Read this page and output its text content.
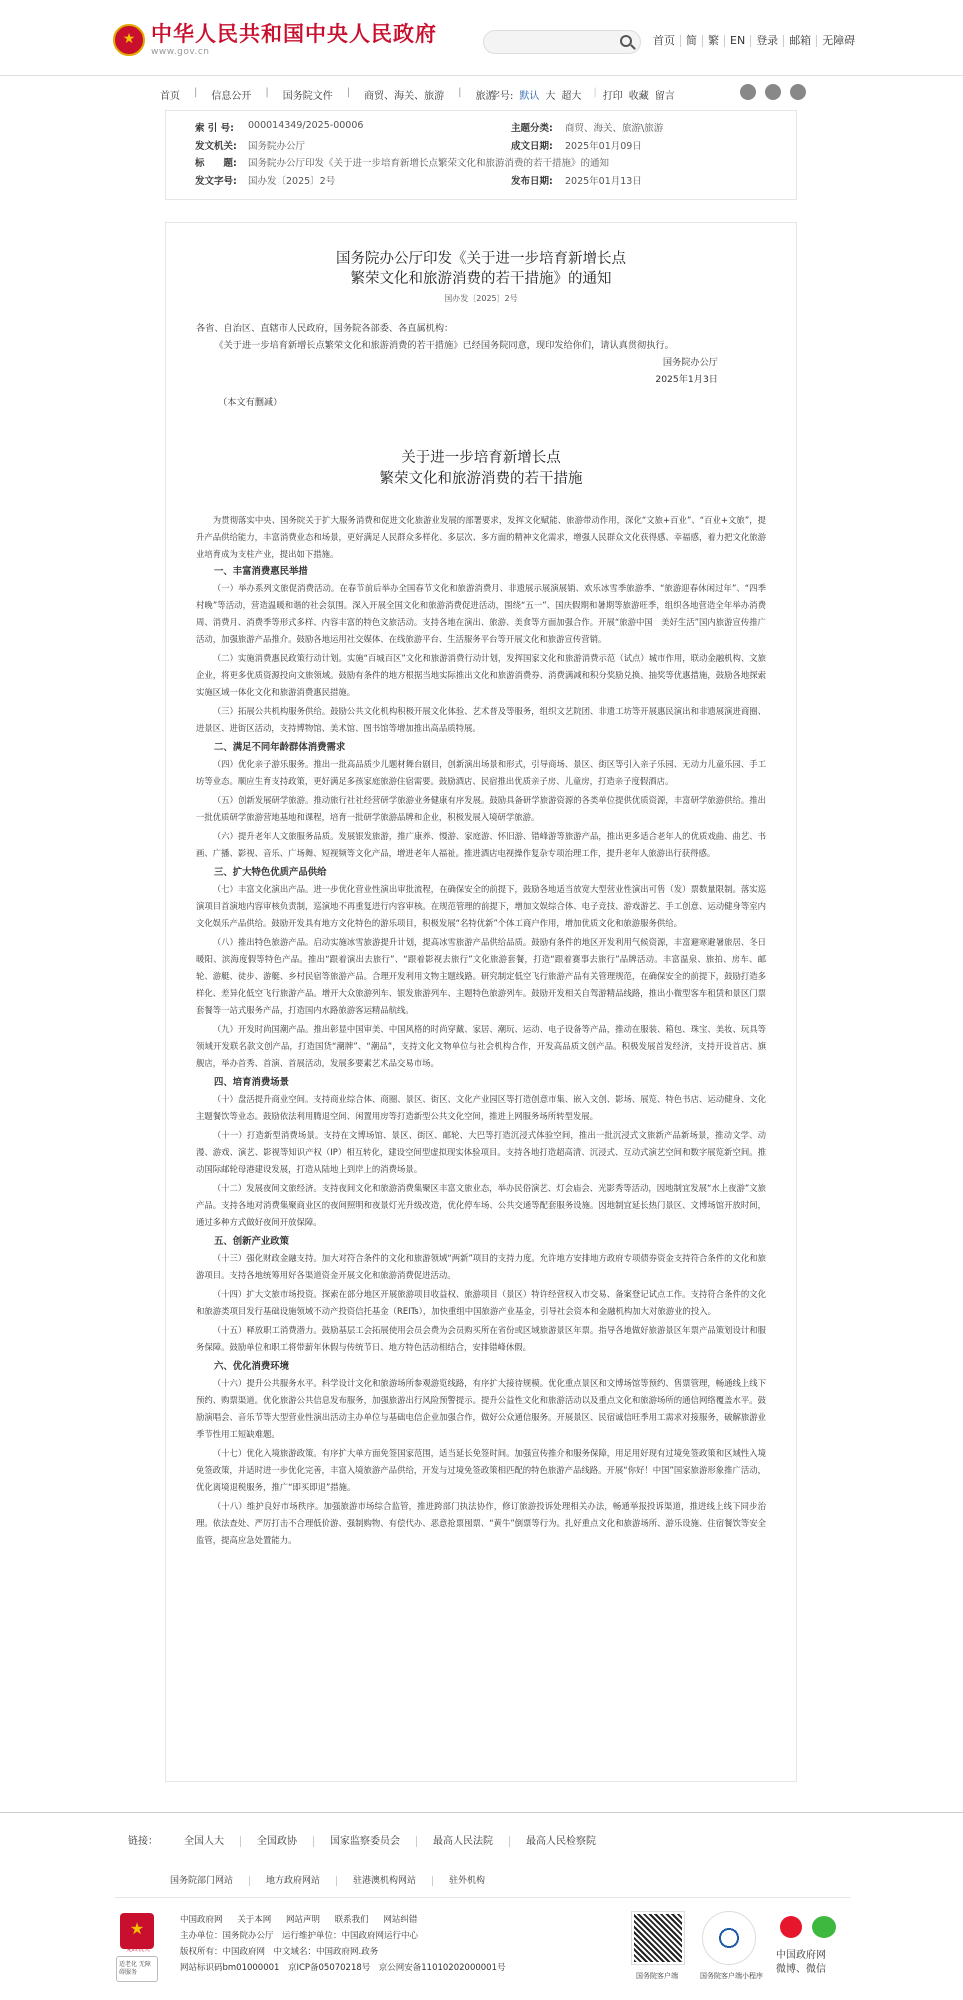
★
中华人民共和国中央人民政府
www.gov.cn
首页	简	繁	EN	登录	邮箱	无障碍
首页 | 信息公开 | 国务院文件 | 商贸、海关、旅游 | 旅游
字号: 默认 大 超大 | 打印 收藏 留言
索 引 号: 000014349/2025-00006	主题分类: 商贸、海关、旅游\旅游
发文机关: 国务院办公厅	成文日期: 2025年01月09日
标　　题: 国务院办公厅印发《关于进一步培育新增长点繁荣文化和旅游消费的若干措施》的通知
发文字号: 国办发〔2025〕2号	发布日期: 2025年01月13日
国务院办公厅印发《关于进一步培育新增长点
繁荣文化和旅游消费的若干措施》的通知
国办发〔2025〕2号
各省、自治区、直辖市人民政府，国务院各部委、各直属机构：
《关于进一步培育新增长点繁荣文化和旅游消费的若干措施》已经国务院同意，现印发给你们，请认真贯彻执行。
国务院办公厅
2025年1月3日
（本文有删减）
关于进一步培育新增长点
繁荣文化和旅游消费的若干措施
为贯彻落实中央、国务院关于扩大服务消费和促进文化旅游业发展的部署要求，发挥文化赋能、旅游带动作用，深化“文旅+百业”、“百业+文旅”，提升产品供给能力，丰富消费业态和场景，更好满足人民群众多样化、多层次、多方面的精神文化需求，增强人民群众文化获得感、幸福感，着力把文化旅游业培育成为支柱产业，提出如下措施。
一、丰富消费惠民举措
（一）举办系列文旅促消费活动。在春节前后举办全国春节文化和旅游消费月、非遗展示展演展销、欢乐冰雪季旅游季、“旅游迎春休闲过年”、“四季村晚”等活动，营造温暖和谐的社会氛围。深入开展全国文化和旅游消费促进活动，围绕“五一”、国庆假期和暑期等旅游旺季，组织各地营造全年举办消费周、消费月、消费季等形式多样、内容丰富的特色文旅活动。支持各地在演出、旅游、美食等方面加强合作。开展“旅游中国　美好生活”国内旅游宣传推广活动，加强旅游产品推介。鼓励各地运用社交媒体、在线旅游平台、生活服务平台等开展文化和旅游宣传营销。
（二）实施消费惠民政策行动计划。实施“百城百区”文化和旅游消费行动计划，发挥国家文化和旅游消费示范（试点）城市作用，联动金融机构、文旅企业，将更多优质资源投向文旅领域。鼓励有条件的地方根据当地实际推出文化和旅游消费券、消费满减和积分奖励兑换、抽奖等优惠措施，鼓励各地探索实施区域一体化文化和旅游消费惠民措施。
（三）拓展公共机构服务供给。鼓励公共文化机构积极开展文化体验、艺术普及等服务，组织文艺院团、非遗工坊等开展惠民演出和非遗展演进商圈、进景区、进街区活动，支持博物馆、美术馆、图书馆等增加推出高品质特展。
二、满足不同年龄群体消费需求
（四）优化亲子游乐服务。推出一批高品质少儿题材舞台剧目，创新演出场景和形式，引导商场、景区、街区等引入亲子乐园、无动力儿童乐园、手工坊等业态。顺应生育支持政策，更好满足多孩家庭旅游住宿需要。鼓励酒店、民宿推出优质亲子房、儿童房，打造亲子度假酒店。
（五）创新发展研学旅游。推动旅行社社经营研学旅游业务健康有序发展。鼓励具备研学旅游资源的各类单位提供优质资源，丰富研学旅游供给。推出一批优质研学旅游营地基地和课程，培育一批研学旅游品牌和企业，积极发展入境研学旅游。
（六）提升老年人文旅服务品质。发展银发旅游，推广康养、慢游、家庭游、怀旧游、错峰游等旅游产品，推出更多适合老年人的优质戏曲、曲艺、书画、广播、影视、音乐、广场舞、短视频等文化产品，增进老年人福祉。推进酒店电视操作复杂专项治理工作，提升老年人旅游出行获得感。
三、扩大特色优质产品供给
（七）丰富文化演出产品。进一步优化营业性演出审批流程，在确保安全的前提下，鼓励各地适当放宽大型营业性演出可售（发）票数量限制。落实巡演项目首演地内容审核负责制，巡演地不再重复进行内容审核。在规范管理的前提下，增加文娱综合体、电子竞技、游戏游艺、手工创意、运动健身等室内文化娱乐产品供给。鼓励开发具有地方文化特色的游乐项目，积极发展“名特优新”个体工商户作用，增加优质文化和旅游服务供给。
（八）推出特色旅游产品。启动实施冰雪旅游提升计划，提高冰雪旅游产品供给品质。鼓励有条件的地区开发利用气候资源，丰富避寒避暑旅居、冬日暖阳、滨海度假等特色产品。推出“跟着演出去旅行”、“跟着影视去旅行”文化旅游套餐，打造“跟着赛事去旅行”品牌活动。丰富温泉、旅拍、房车、邮轮、游艇、徒步、游艇、乡村民宿等旅游产品。合理开发利用文物主题线路。研究制定低空飞行旅游产品有关管理规范，在确保安全的前提下，鼓励打造多样化、差异化低空飞行旅游产品。增开大众旅游列车、银发旅游列车、主题特色旅游列车。鼓励开发相关自驾游精品线路，推出小微型客车租赁和景区门票套餐等一站式服务产品，打造国内水路旅游客运精品航线。
（九）开发时尚国潮产品。推出彰显中国审美、中国风格的时尚穿戴、家居、潮玩、运动、电子设备等产品，推动在服装、箱包、珠宝、美妆、玩具等领域开发联名款文创产品，打造国货“潮牌”、“潮品”，支持文化文物单位与社会机构合作，开发高品质文创产品。积极发展首发经济，支持开设首店、旗舰店，举办首秀、首演、首展活动，发展多要素艺术品交易市场。
四、培育消费场景
（十）盘活提升商业空间。支持商业综合体、商圈、景区、街区、文化产业园区等打造创意市集、嵌入文创、影场、展览、特色书店、运动健身、文化主题餐饮等业态。鼓励依法利用腾退空间、闲置用房等打造新型公共文化空间，推进上网服务场所转型发展。
（十一）打造新型消费场景。支持在文博场馆、景区、街区、邮轮、大巴等打造沉浸式体验空间，推出一批沉浸式文旅新产品新场景，推动文学、动漫、游戏、演艺、影视等知识产权（IP）相互转化，建设空间型虚拟现实体验项目。支持各地打造超高清、沉浸式、互动式演艺空间和数字展览新空间。推动国际邮轮母港建设发展，打造从陆地上到岸上的消费场景。
（十二）发展夜间文旅经济。支持夜间文化和旅游消费集聚区丰富文旅业态，举办民俗演艺、灯会庙会、光影秀等活动，因地制宜发展“水上夜游”文旅产品。支持各地对消费集聚商业区的夜间照明和夜景灯光升级改造，优化停车场、公共交通等配套服务设施。因地制宜延长热门景区、文博场馆开放时间，通过多种方式做好夜间开放保障。
五、创新产业政策
（十三）强化财政金融支持。加大对符合条件的文化和旅游领域“两新”项目的支持力度。允许地方安排地方政府专项债券资金支持符合条件的文化和旅游项目。支持各地统筹用好各渠道资金开展文化和旅游消费促进活动。
（十四）扩大文旅市场投资。探索在部分地区开展旅游项目收益权、旅游项目（景区）特许经营权入市交易、备案登记试点工作。支持符合条件的文化和旅游类项目发行基础设施领域不动产投资信托基金（REITs），加快重组中国旅游产业基金，引导社会资本和金融机构加大对旅游业的投入。
（十五）释放职工消费潜力。鼓励基层工会拓展使用会员会费为会员购买所在省份或区域旅游景区年票。指导各地做好旅游景区年票产品策划设计和服务保障。鼓励单位和职工将带薪年休假与传统节日、地方特色活动相结合，安排错峰休假。
六、优化消费环境
（十六）提升公共服务水平。科学设计文化和旅游场所参观游览线路，有序扩大接待规模。优化重点景区和文博场馆等预约、售票管理，畅通线上线下预约、购票渠道。优化旅游公共信息发布服务，加强旅游出行风险预警提示。提升公益性文化和旅游活动以及重点文化和旅游场所的通信网络覆盖水平。鼓励演唱会、音乐节等大型营业性演出活动主办单位与基础电信企业加强合作，做好公众通信服务。开展景区、民宿诚信旺季用工需求对接服务，破解旅游业季节性用工短缺难题。
（十七）优化入境旅游政策。有序扩大单方面免签国家范围，适当延长免签时间。加强宣传推介和服务保障，用足用好现有过境免签政策和区域性入境免签政策，并适时进一步优化完善，丰富入境旅游产品供给，开发与过境免签政策相匹配的特色旅游产品线路。开展“你好！中国”国家旅游形象推广活动，优化离境退税服务，推广“即买即退”措施。
（十八）维护良好市场秩序。加强旅游市场综合监管，推进跨部门执法协作，修订旅游投诉处理相关办法，畅通举报投诉渠道，推进线上线下同步治理。依法查处、严厉打击不合理低价游、强制购物、有偿代办、恶意抢票囤票、“黄牛”倒票等行为。扎好重点文化和旅游场所、游乐设施、住宿餐饮等安全监管，提高应急处置能力。
链接：	全国人大	全国政协	国家监察委员会	最高人民法院	最高人民检察院
国务院部门网站	地方政府网站	驻港澳机构网站	驻外机构
★
党政机关
适老化 无障碍服务
中国政府网 关于本网 网站声明 联系我们 网站纠错
主办单位：国务院办公厅　运行维护单位：中国政府网运行中心
版权所有：中国政府网　中文域名：中国政府网.政务
网站标识码bm01000001　京ICP备05070218号　京公网安备11010202000001号
国务院客户端	国务院客户端小程序
中国政府网
微博、微信
